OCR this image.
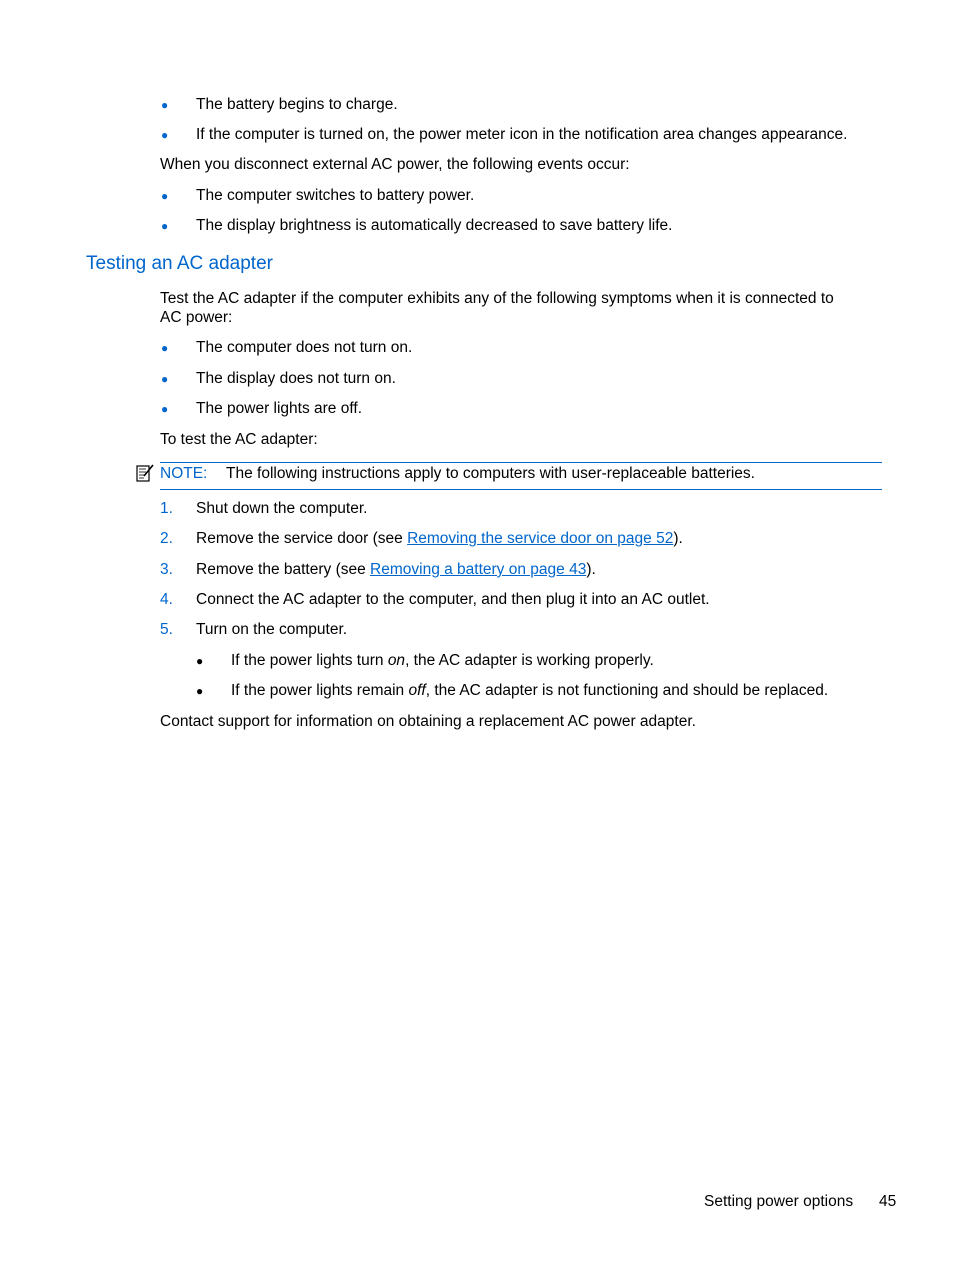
● The battery begins to charge.
● If the computer is turned on, the power meter icon in the notification area changes appearance.
When you disconnect external AC power, the following events occur:
● The computer switches to battery power.
● The display brightness is automatically decreased to save battery life.
Testing an AC adapter
Test the AC adapter if the computer exhibits any of the following symptoms when it is connected to
AC power:
● The computer does not turn on.
● The display does not turn on.
● The power lights are off.
To test the AC adapter:
NOTE: The following instructions apply to computers with user-replaceable batteries.
1. Shut down the computer.
2. Remove the service door (see Removing the service door on page 52).
3. Remove the battery (see Removing a battery on page 43).
4. Connect the AC adapter to the computer, and then plug it into an AC outlet.
5. Turn on the computer.
● If the power lights turn on, the AC adapter is working properly.
● If the power lights remain off, the AC adapter is not functioning and should be replaced.
Contact support for information on obtaining a replacement AC power adapter.
Setting power options 45
